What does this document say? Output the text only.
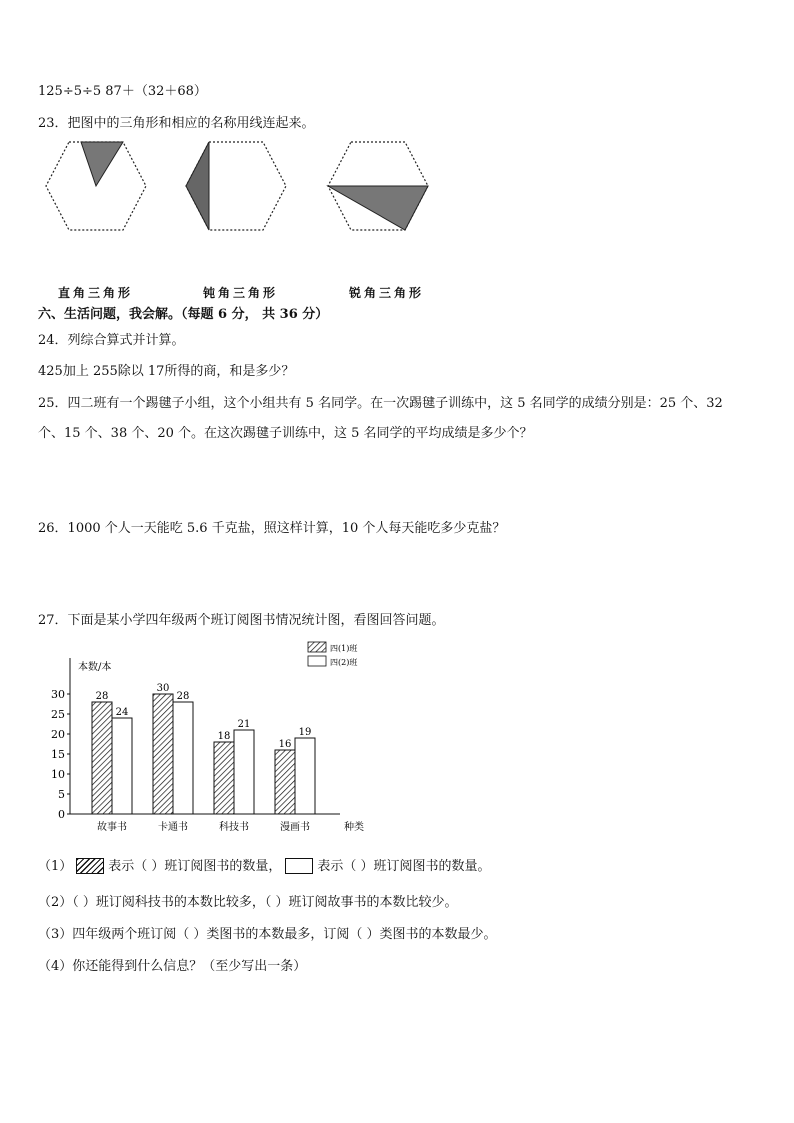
125÷5÷5 87＋（32＋68）
23．把图中的三角形和相应的名称用线连起来。
直角三角形	钝角三角形	锐角三角形
六、生活问题，我会解。（每题 6 分， 共 36 分）
24．列综合算式并计算。
425加上 255除以 17所得的商，和是多少？
25．四二班有一个踢毽子小组，这个小组共有 5 名同学。在一次踢毽子训练中，这 5 名同学的成绩分别是：25 个、32
个、15 个、38 个、20 个。在这次踢毽子训练中，这 5 名同学的平均成绩是多少个？
26．1000 个人一天能吃 5.6 千克盐，照这样计算，10 个人每天能吃多少克盐？
27．下面是某小学四年级两个班订阅图书情况统计图，看图回答问题。
本数/本
种类
0
5
10
15
20
25
30
四(1)班
四(2)班
故事书	卡通书	科技书	漫画书
28
24
30
28
18
21
16
19
（1）	表示（ ）班订阅图书的数量，	表示（ ）班订阅图书的数量。
（2）（ ）班订阅科技书的本数比较多，（ ）班订阅故事书的本数比较少。
（3）四年级两个班订阅（ ）类图书的本数最多，订阅（ ）类图书的本数最少。
（4）你还能得到什么信息？（至少写出一条）
